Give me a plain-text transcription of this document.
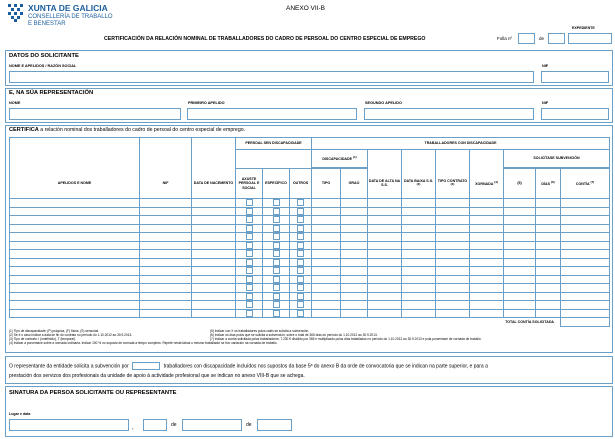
XUNTA DE GALICIA
CONSELLERÍA DE TRABALLO
E BENESTAR
ANEXO VII-B
EXPEDIENTE
CERTIFICACIÓN DA RELACIÓN NOMINAL DE TRABALLADORES DO CADRO DE PERSOAL DO CENTRO ESPECIAL DE EMPREGO	Folla nº	de
DATOS DO SOLICITANTE
NOME E APELIDOS / RAZÓN SOCIAL	NIF
E, NA SÚA REPRESENTACIÓN
NOME	PRIMEIRO APELIDO	SEGUNDO APELIDO	NIF
CERTIFICA a relación nominal dos traballadores do cadro de persoal do centro especial de emprego.
			PERSOAL SEN DISCAPACIDADE			TRABALLADORES CON DISCAPACIDADE								
						DISCAPACIDADE $^{(1)}$						SOLICÍTASE SUBVENCIÓN		

APELIDOS E NOME	NIF	DATA DE NACEMENTO	AXUSTE PERSOAL E SOCIAL	ESPECÍFICO	OUTROS	TIPO	GRAO	DATA DE ALTA NA S.S.	DATA BAIXA S.S. $^{(2)}$	TIPO CONTRATO $^{(3)}$	XORNADA $^{(4)}$	(5)	DÍAS $^{(6)}$	CONTÍA $^{(7)}$

TOTAL CONTÍA SOLICITADA														
(1) Tipo de discapacidade: (P) psíquica, (F) física, (S) sensorial.
(2) Se é o caso indicar a data de fin do contrato no período do 1.10.2012 ao 30.9.2013.
(3) Tipo de contrato: I (indefinido), T (temporal).
(4) Indicar a porcentaxe sobre a xornada ordinaria. Indicar 100 % no suposto de xornada a tempo completo. Repetir nesta táboa o mesmo traballador se tivo variación na xornada de traballo.
(5) Indicar cun X os traballadores polos cales se solicita a subvención.
(6) Indicar os días polos que se solicita a subvención, sobre o total de 365 días do período do 1.10.2012 ao 30.9.2013.
(7) Indicar a contía solicitada polos traballadores: 7.230 € dividido por 365 e multiplicado polos días traballados no período do 1.10.2012 ao 30.9.2013 e pola porcentaxe de xornada de traballo.
O representante da entidade solicita a subvención por	traballadores con discapacidade incluídos nos supostos da base 5ª do anexo B da orde de convocatoria que se indican na parte superior, e para a
prestación dos servizos dos profesionais da unidade de apoio á actividade profesional que se indican no anexo VIII-B que se achega.
SINATURA DA PERSOA SOLICITANTE OU REPRESENTANTE
Lugar e data
,	de	de
